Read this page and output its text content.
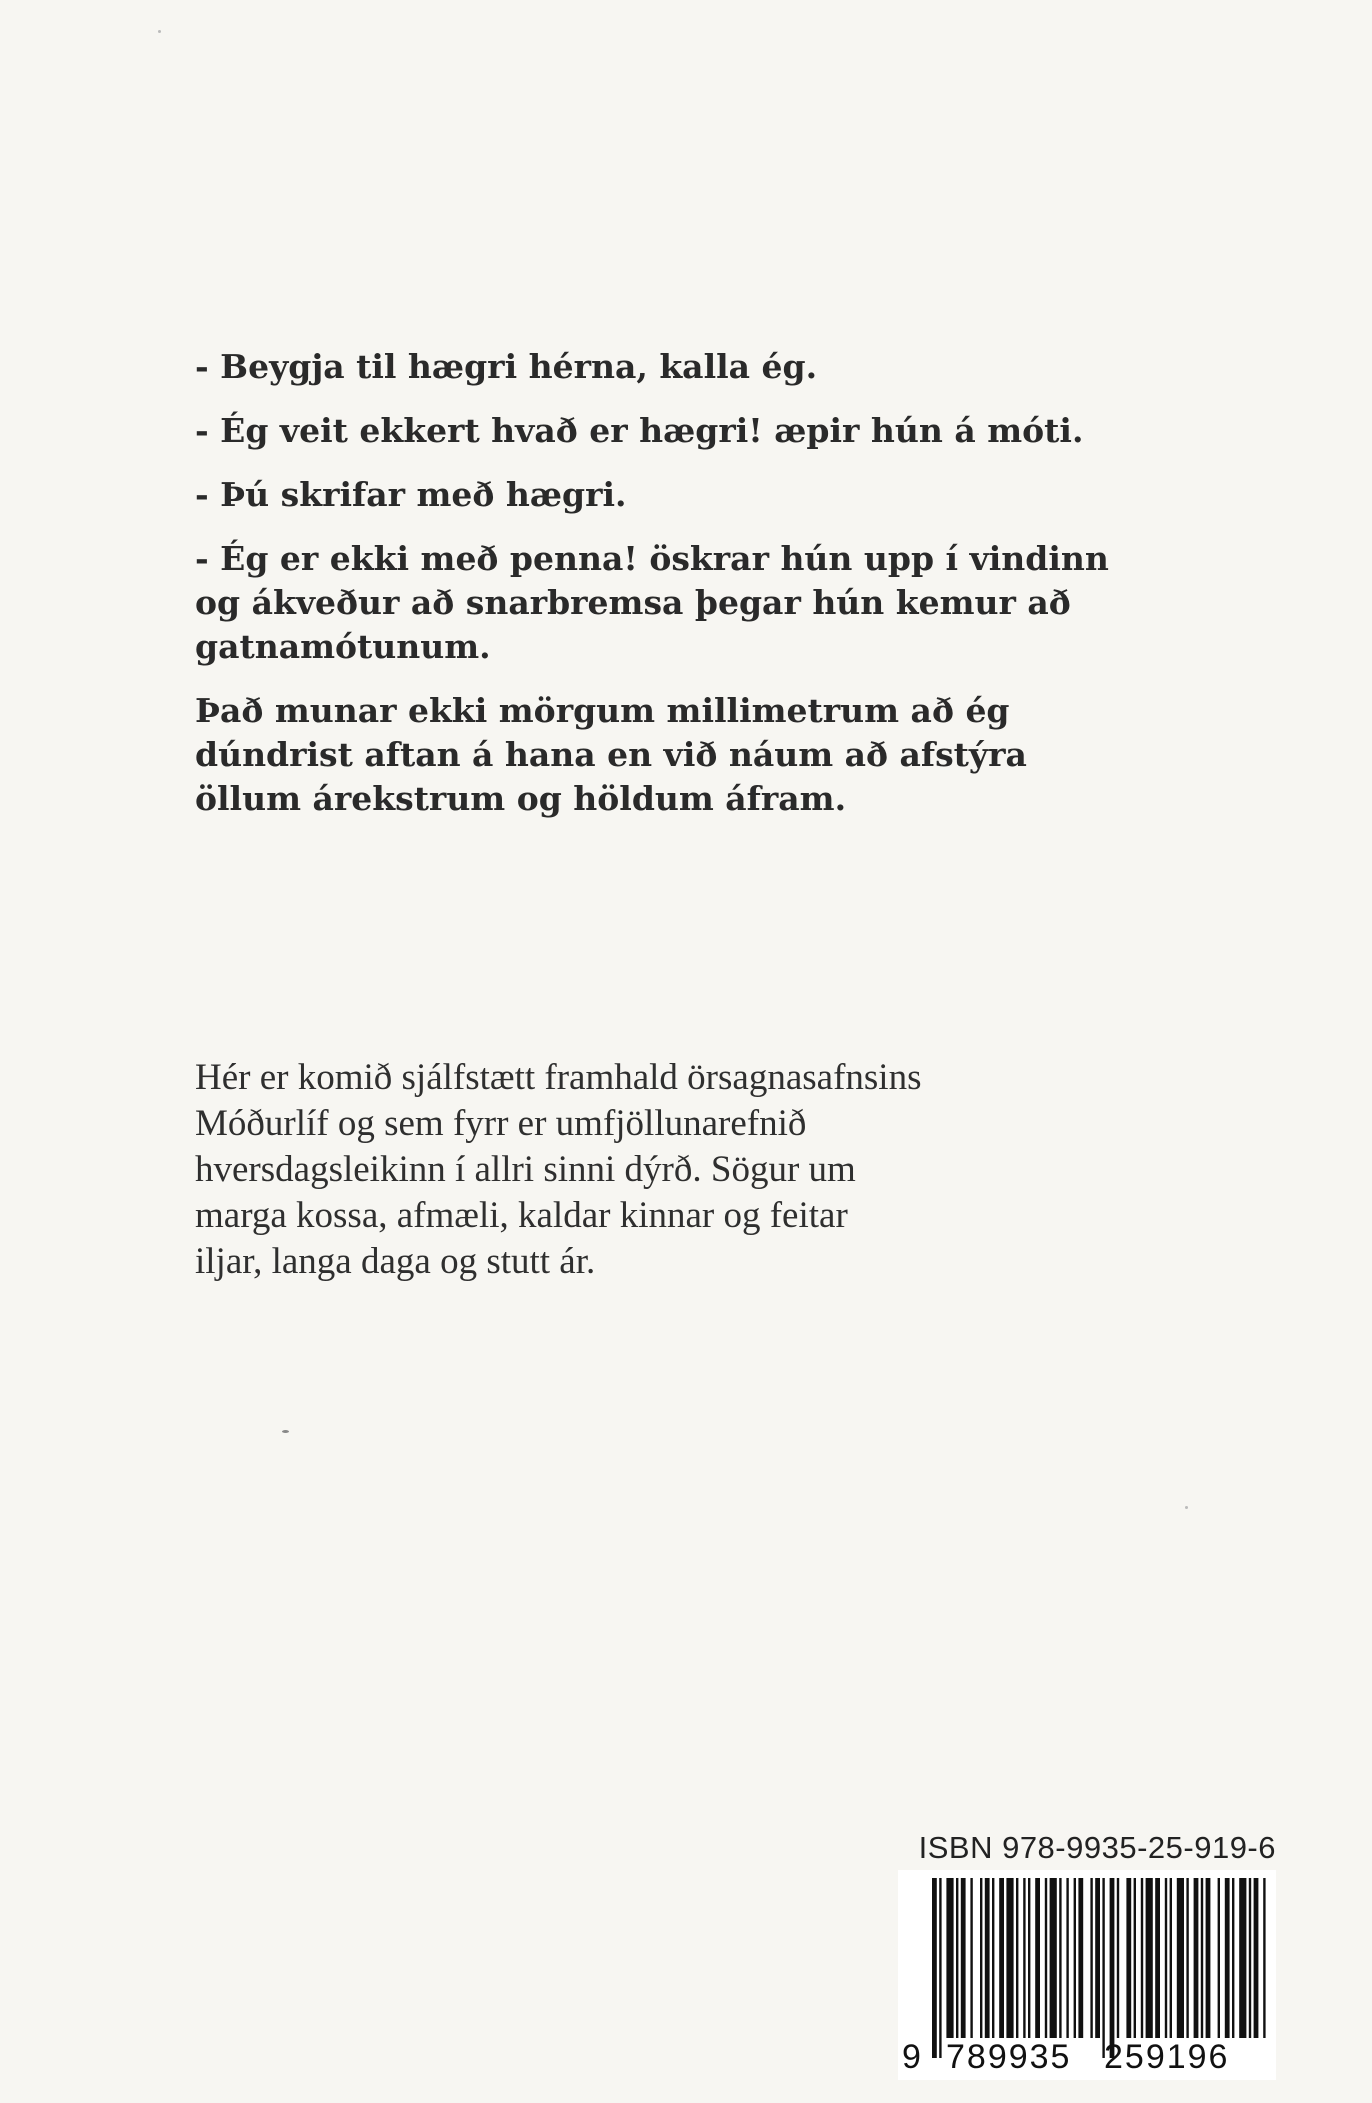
- Beygja til hægri hérna, kalla ég.

- Ég veit ekkert hvað er hægri! æpir hún á móti.

- Þú skrifar með hægri.

- Ég er ekki með penna! öskrar hún upp í vindinn
og ákveður að snarbremsa þegar hún kemur að
gatnamótunum.

Það munar ekki mörgum millimetrum að ég
dúndrist aftan á hana en við náum að afstýra
öllum árekstrum og höldum áfram.

Hér er komið sjálfstætt framhald örsagnasafnsins
Móðurlíf og sem fyrr er umfjöllunarefnið
hversdagsleikinn í allri sinni dýrð. Sögur um
marga kossa, afmæli, kaldar kinnar og feitar
iljar, langa daga og stutt ár.
ISBN 978-9935-25-919-6
9 789935 259196
